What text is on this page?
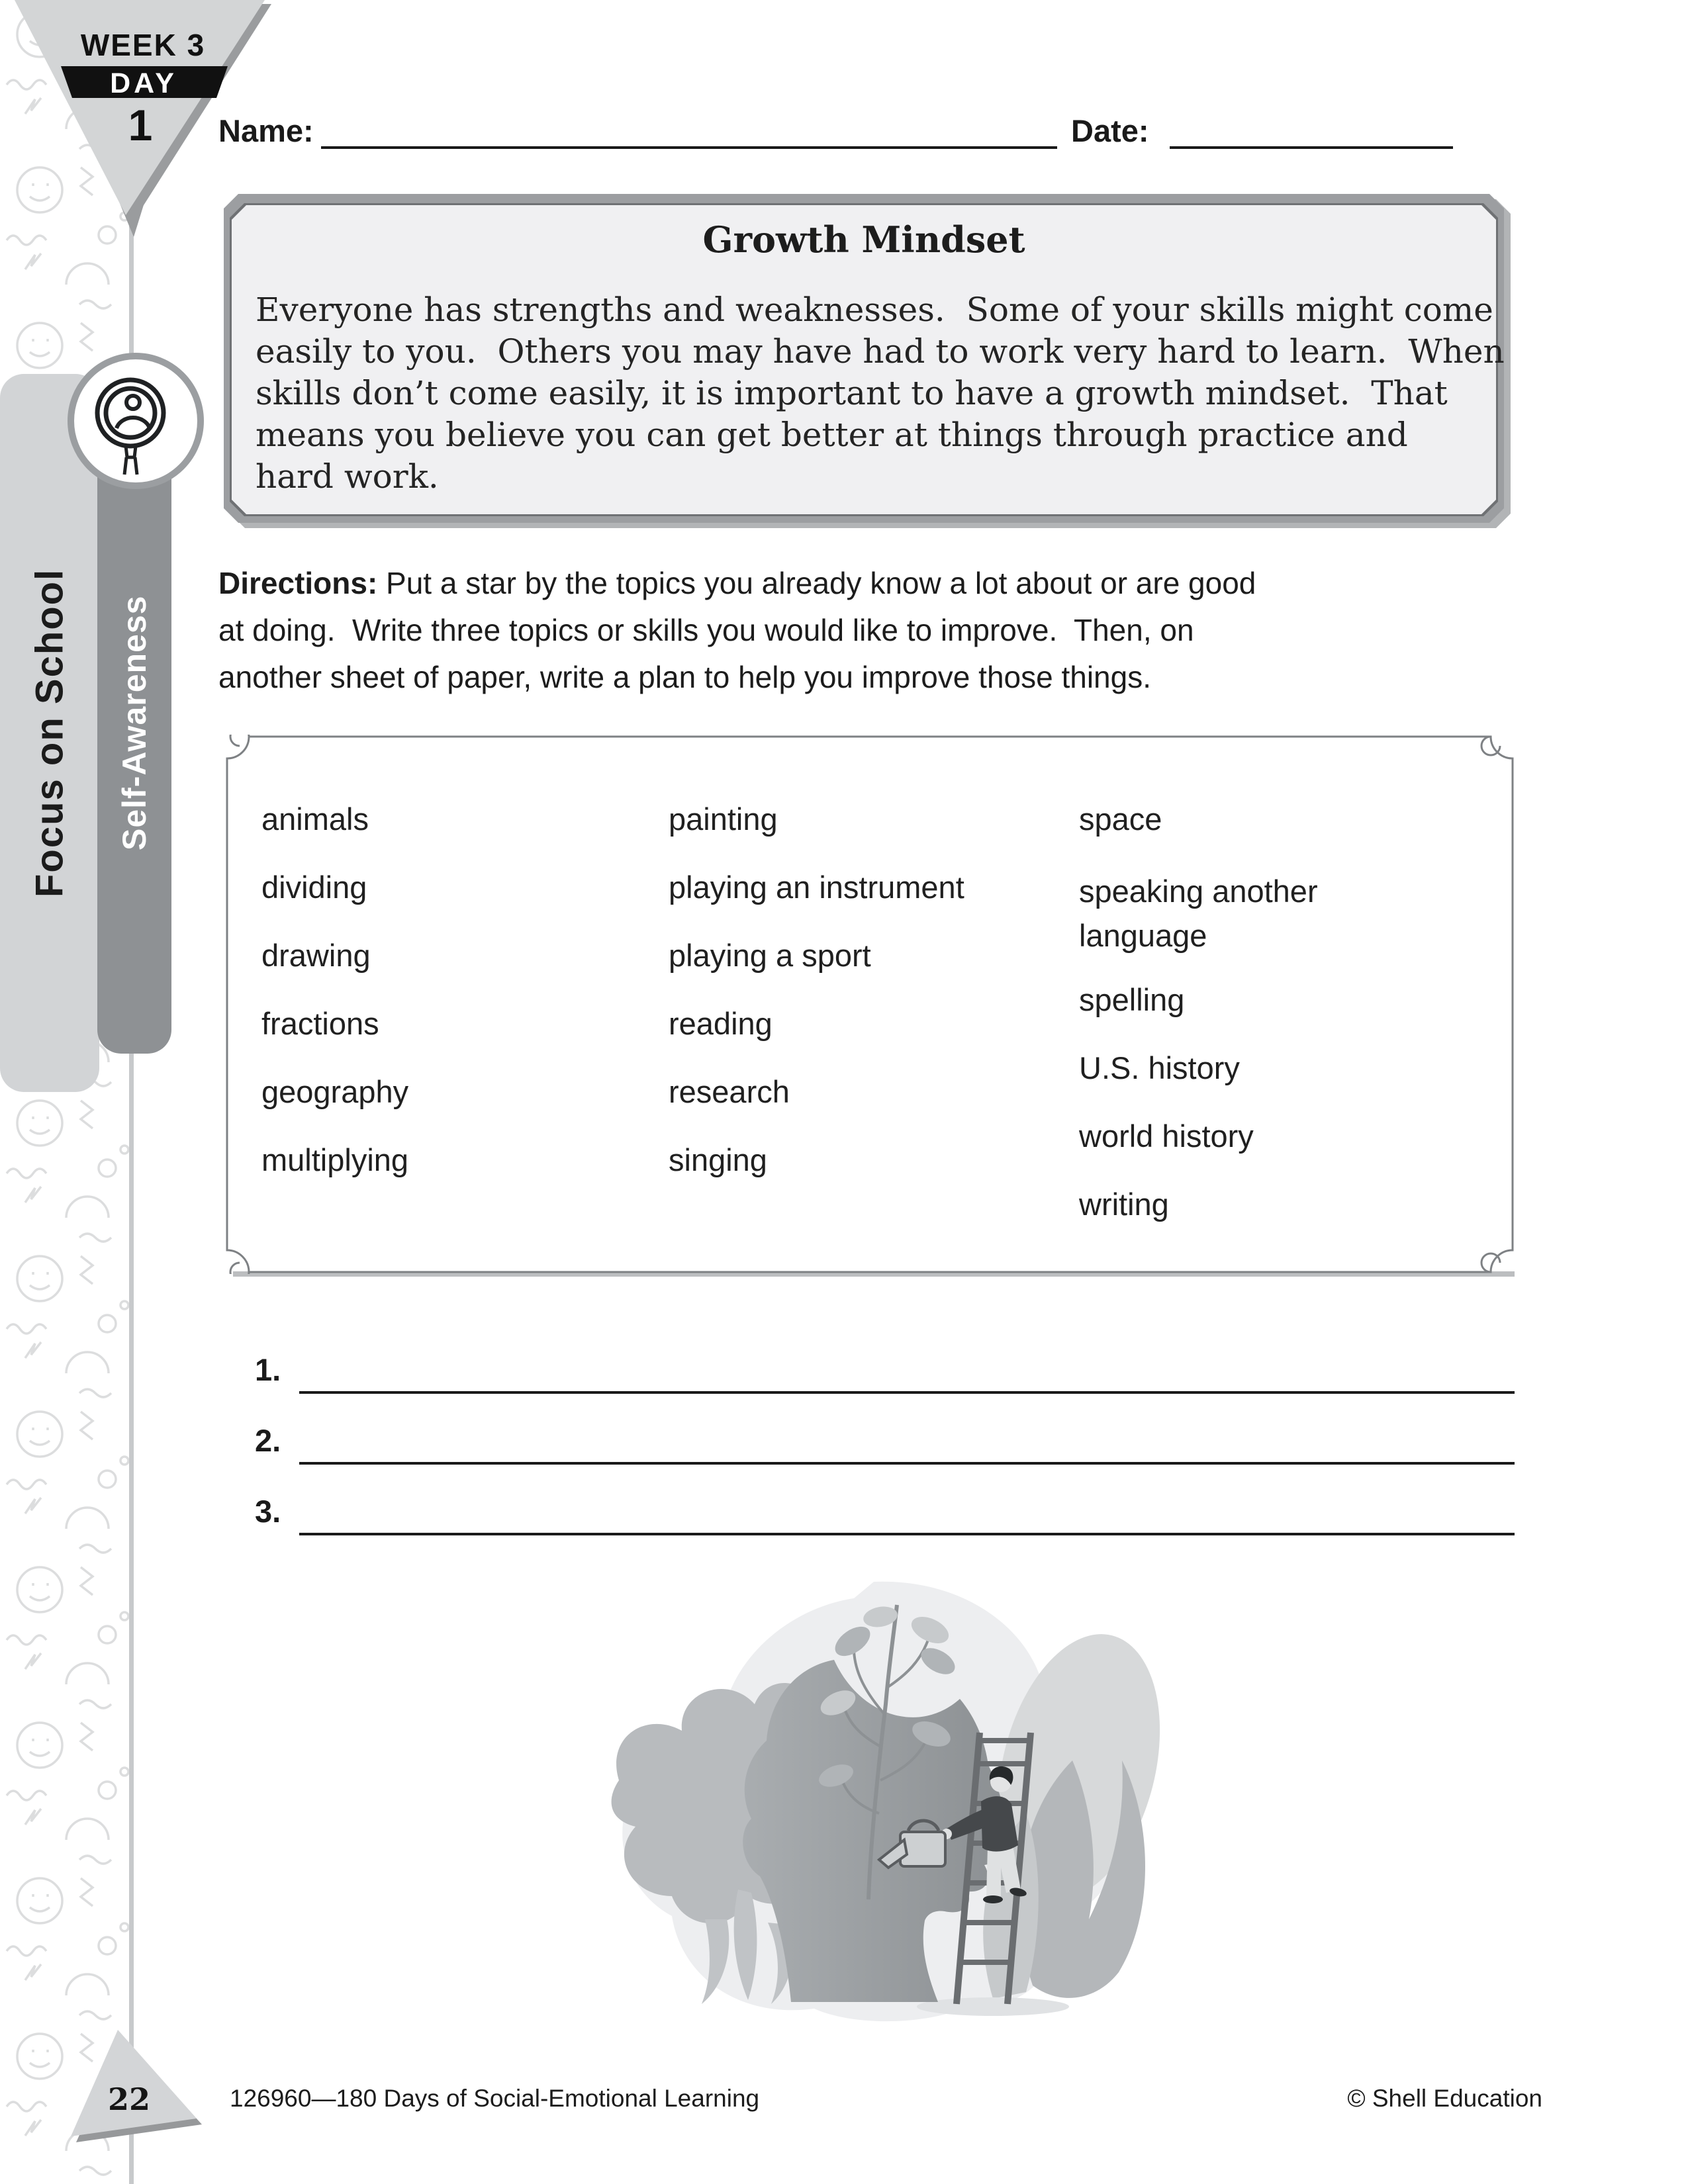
WEEK 3
DAY
1
Focus on School	Self-Awareness
Name:	Date:
Growth Mindset
Everyone has strengths and weaknesses.  Some of your skills might come
easily to you.  Others you may have had to work very hard to learn.  When
skills don’t come easily, it is important to have a growth mindset.  That
means you believe you can get better at things through practice and
hard work.
Directions: Put a star by the topics you already know a lot about or are good
at doing.  Write three topics or skills you would like to improve.  Then, on
another sheet of paper, write a plan to help you improve those things.
animals
dividing
drawing
fractions
geography
multiplying
painting
playing an instrument
playing a sport
reading
research
singing
space
speaking another language
spelling
U.S. history
world history
writing
1.
2.
3.
22	126960—180 Days of Social-Emotional Learning	© Shell Education
